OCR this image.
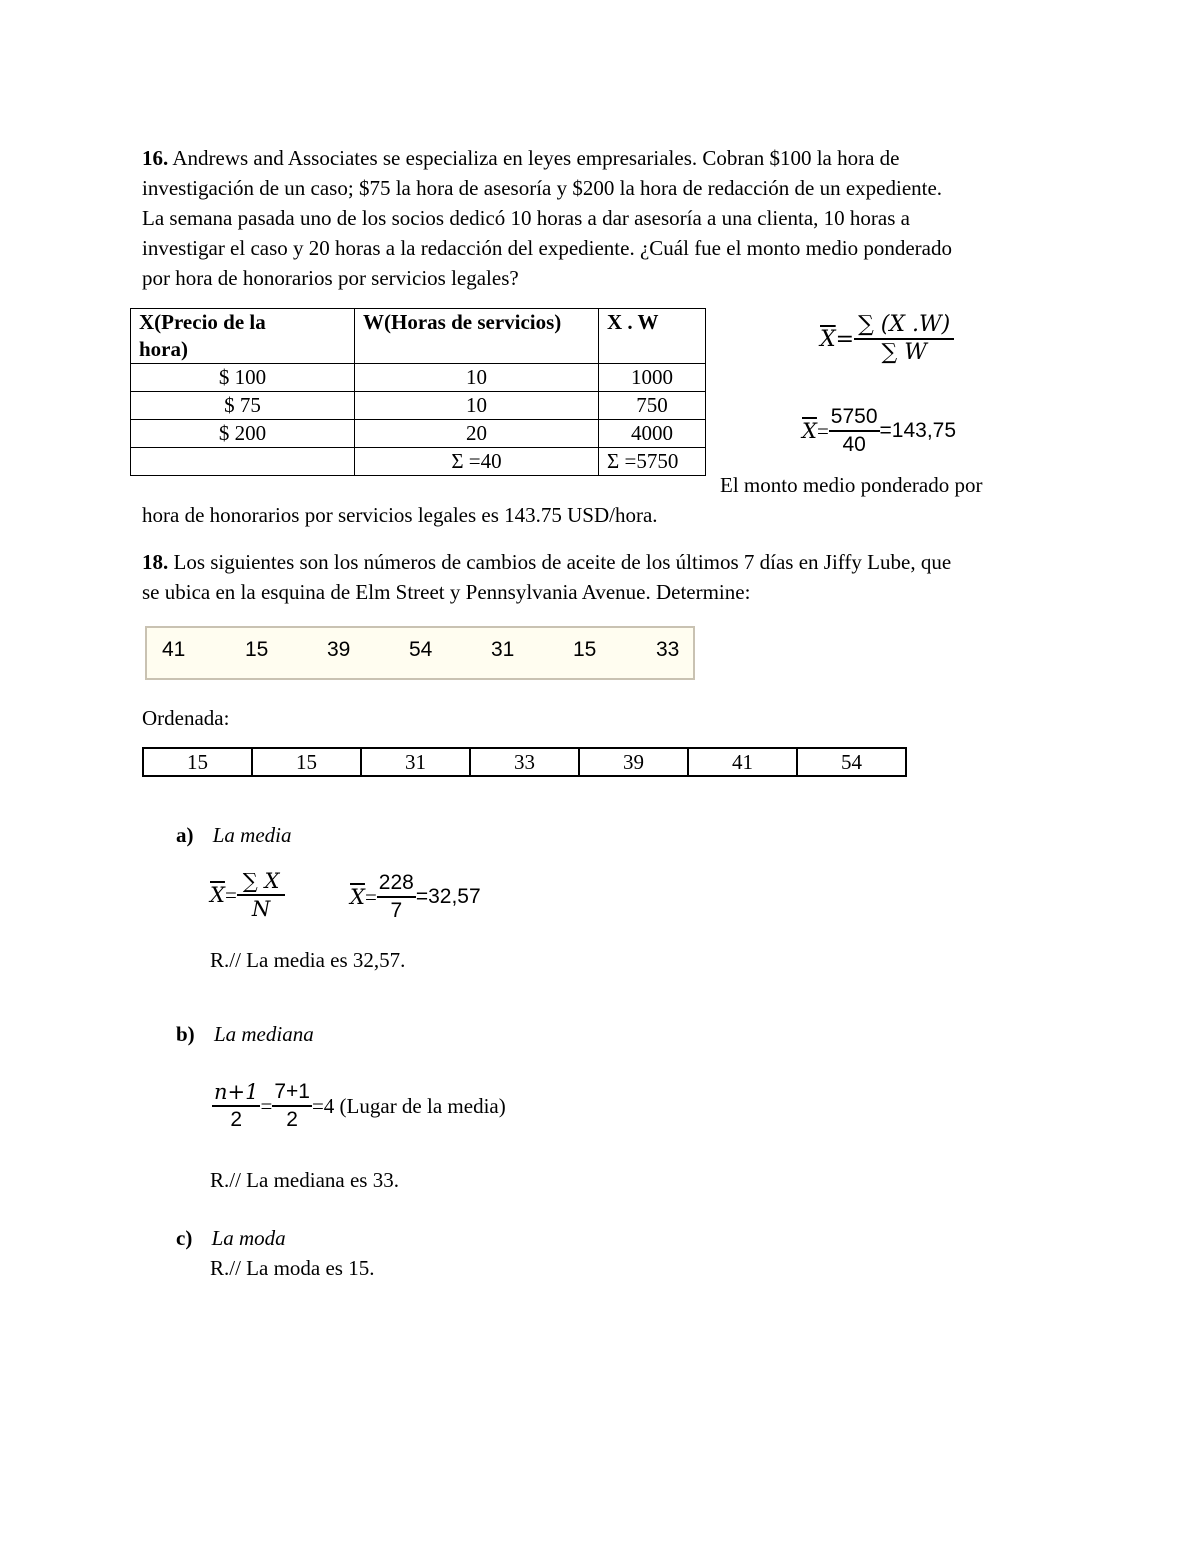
16. Andrews and Associates se especializa en leyes empresariales. Cobran $100 la hora de
investigación de un caso; $75 la hora de asesoría y $200 la hora de redacción de un expediente.
La semana pasada uno de los socios dedicó 10 horas a dar asesoría a una clienta, 10 horas a
investigar el caso y 20 horas a la redacción del expediente. ¿Cuál fue el monto medio ponderado
por hora de honorarios por servicios legales?
X(Precio de la
hora)	W(Horas de servicios)	X . W
$ 100	10	1000
$ 75	10	750
$ 200	20	4000
	Σ =40	Σ =5750
$\overline{X} = \frac{\sum (X .W)}{\sum W}$
$\overline{X} = \frac{5750}{40} =143,75$
El monto medio ponderado por
hora de honorarios por servicios legales es 143.75 USD/hora.
18. Los siguientes son los números de cambios de aceite de los últimos 7 días en Jiffy Lube, que
se ubica en la esquina de Elm Street y Pennsylvania Avenue. Determine:
41	15	39	54	31	15	33
Ordenada:
15	15	31	33	39	41	54
a) La media
$\overline{X} = \frac{\sum X}{N}$	$\overline{X} = \frac{228}{7} =32,57$
R.// La media es 32,57.
b) La mediana
$\frac{n+1}{2} = \frac{7+1}{2} =4$ (Lugar de la media)
R.// La mediana es 33.
c) La moda
R.// La moda es 15.
